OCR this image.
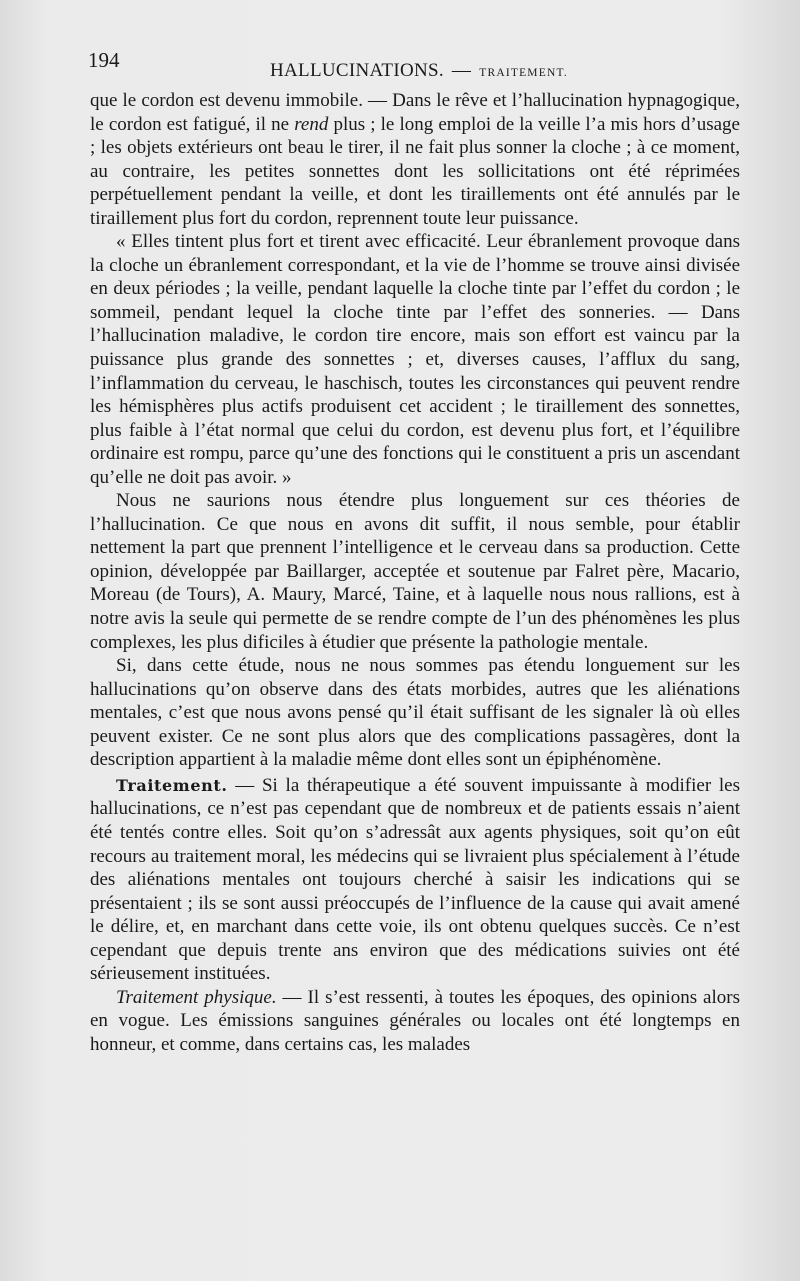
194	HALLUCINATIONS. — TRAITEMENT.

que le cordon est devenu immobile. — Dans le rêve et l’hallucination hypnagogique, le cordon est fatigué, il ne rend plus ; le long emploi de la veille l’a mis hors d’usage ; les objets extérieurs ont beau le tirer, il ne fait plus sonner la cloche ; à ce moment, au contraire, les petites sonnettes dont les sollicitations ont été réprimées perpétuellement pendant la veille, et dont les tiraillements ont été annulés par le tiraillement plus fort du cordon, reprennent toute leur puissance.

« Elles tintent plus fort et tirent avec efficacité. Leur ébranlement provoque dans la cloche un ébranlement correspondant, et la vie de l’homme se trouve ainsi divisée en deux périodes ; la veille, pendant laquelle la cloche tinte par l’effet du cordon ; le sommeil, pendant lequel la cloche tinte par l’effet des sonneries. — Dans l’hallucination maladive, le cordon tire encore, mais son effort est vaincu par la puissance plus grande des sonnettes ; et, diverses causes, l’afflux du sang, l’inflammation du cerveau, le haschisch, toutes les circonstances qui peuvent rendre les hémisphères plus actifs produisent cet accident ; le tiraillement des sonnettes, plus faible à l’état normal que celui du cordon, est devenu plus fort, et l’équilibre ordinaire est rompu, parce qu’une des fonctions qui le constituent a pris un ascendant qu’elle ne doit pas avoir. »

Nous ne saurions nous étendre plus longuement sur ces théories de l’hallucination. Ce que nous en avons dit suffit, il nous semble, pour établir nettement la part que prennent l’intelligence et le cerveau dans sa production. Cette opinion, développée par Baillarger, acceptée et soutenue par Falret père, Macario, Moreau (de Tours), A. Maury, Marcé, Taine, et à laquelle nous nous rallions, est à notre avis la seule qui permette de se rendre compte de l’un des phénomènes les plus complexes, les plus dificiles à étudier que présente la pathologie mentale.

Si, dans cette étude, nous ne nous sommes pas étendu longuement sur les hallucinations qu’on observe dans des états morbides, autres que les aliénations mentales, c’est que nous avons pensé qu’il était suffisant de les signaler là où elles peuvent exister. Ce ne sont plus alors que des complications passagères, dont la description appartient à la maladie même dont elles sont un épiphénomène.

Traitement. — Si la thérapeutique a été souvent impuissante à modifier les hallucinations, ce n’est pas cependant que de nombreux et de patients essais n’aient été tentés contre elles. Soit qu’on s’adressât aux agents physiques, soit qu’on eût recours au traitement moral, les médecins qui se livraient plus spécialement à l’étude des aliénations mentales ont toujours cherché à saisir les indications qui se présentaient ; ils se sont aussi préoccupés de l’influence de la cause qui avait amené le délire, et, en marchant dans cette voie, ils ont obtenu quelques succès. Ce n’est cependant que depuis trente ans environ que des médications suivies ont été sérieusement instituées.

Traitement physique. — Il s’est ressenti, à toutes les époques, des opinions alors en vogue. Les émissions sanguines générales ou locales ont été longtemps en honneur, et comme, dans certains cas, les malades
